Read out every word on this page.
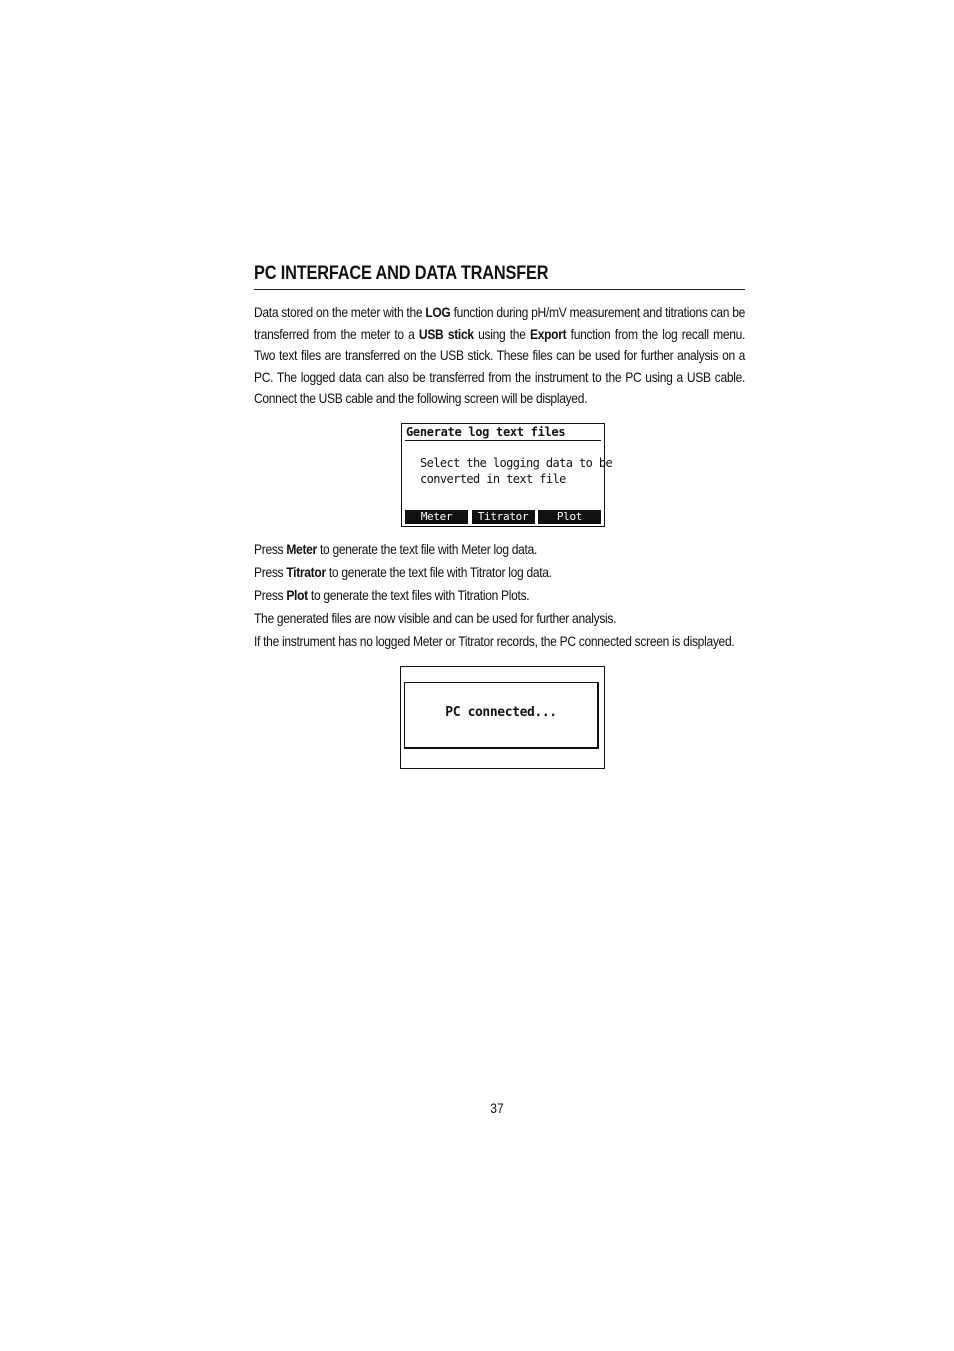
PC INTERFACE AND DATA TRANSFER

Data stored on the meter with the LOG function during pH/mV measurement and titrations can be transferred from the meter to a USB stick using the Export function from the log recall menu. Two text files are transferred on the USB stick. These files can be used for further analysis on a PC. The logged data can also be transferred from the instrument to the PC using a USB cable. Connect the USB cable and the following screen will be displayed.

Generate log text files
Select the logging data to be
converted in text file
Meter	Titrator	Plot
Press Meter to generate the text file with Meter log data.
Press Titrator to generate the text file with Titrator log data.
Press Plot to generate the text files with Titration Plots.
The generated files are now visible and can be used for further analysis.
If the instrument has no logged Meter or Titrator records, the PC connected screen is displayed.
PC connected...
37
